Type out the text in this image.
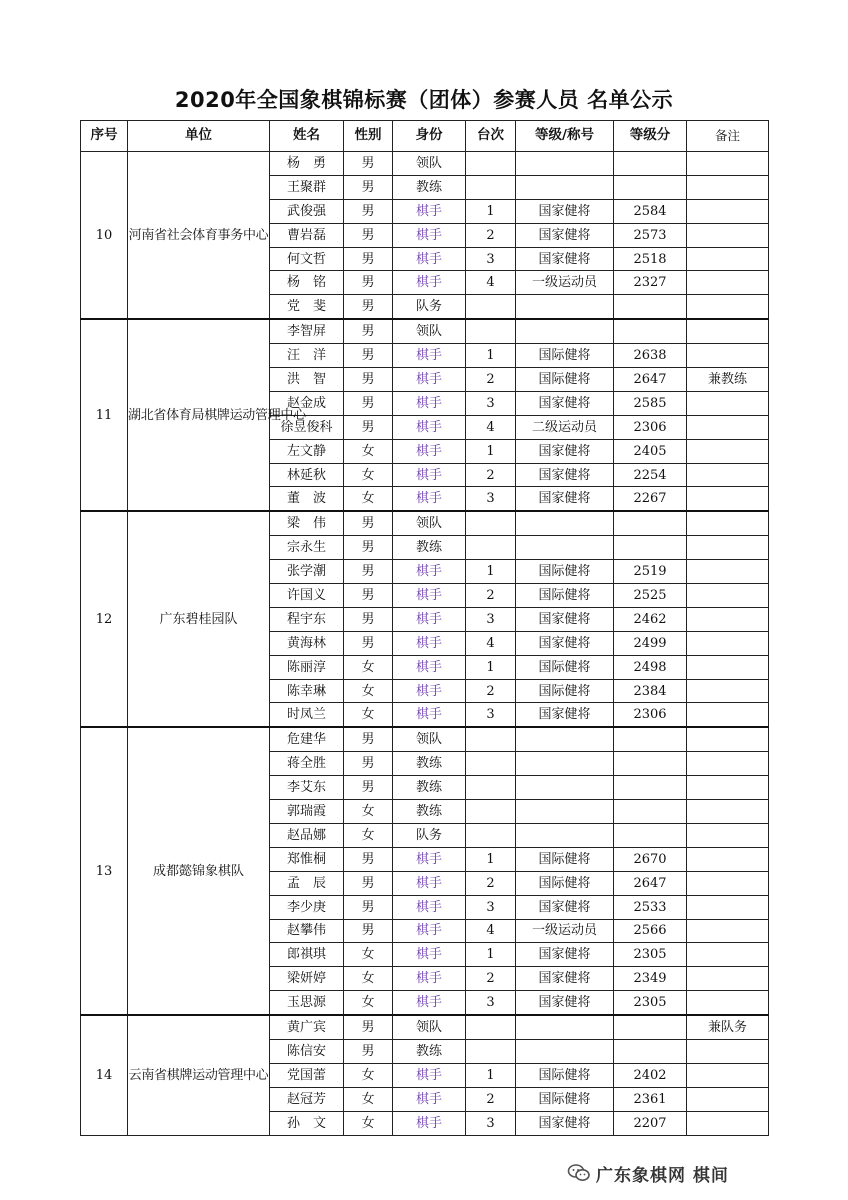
2020年全国象棋锦标赛（团体）参赛人员 名单公示
序号	单位	姓名	性别	身份	台次	等级/称号	等级分	备注
10	河南省社会体育事务中心	杨　勇	男	领队				
		王聚群	男	教练				
		武俊强	男	棋手	1	国家健将	2584	
		曹岩磊	男	棋手	2	国家健将	2573	
		何文哲	男	棋手	3	国家健将	2518	
		杨　铭	男	棋手	4	一级运动员	2327	
		党　斐	男	队务				
11	湖北省体育局棋牌运动管理中心	李智屏	男	领队				
		汪　洋	男	棋手	1	国际健将	2638	
		洪　智	男	棋手	2	国际健将	2647	兼教练
		赵金成	男	棋手	3	国家健将	2585	
		徐昱俊科	男	棋手	4	二级运动员	2306	
		左文静	女	棋手	1	国家健将	2405	
		林延秋	女	棋手	2	国家健将	2254	
		董　波	女	棋手	3	国家健将	2267	
12	广东碧桂园队	梁　伟	男	领队				
		宗永生	男	教练				
		张学潮	男	棋手	1	国际健将	2519	
		许国义	男	棋手	2	国际健将	2525	
		程宇东	男	棋手	3	国家健将	2462	
		黄海林	男	棋手	4	国家健将	2499	
		陈丽淳	女	棋手	1	国际健将	2498	
		陈幸琳	女	棋手	2	国际健将	2384	
		时凤兰	女	棋手	3	国家健将	2306	
13	成都懿锦象棋队	危建华	男	领队				
		蒋全胜	男	教练				
		李艾东	男	教练				
		郭瑞霞	女	教练				
		赵品娜	女	队务				
		郑惟桐	男	棋手	1	国际健将	2670	
		孟　辰	男	棋手	2	国际健将	2647	
		李少庚	男	棋手	3	国家健将	2533	
		赵攀伟	男	棋手	4	一级运动员	2566	
		郎祺琪	女	棋手	1	国家健将	2305	
		梁妍婷	女	棋手	2	国家健将	2349	
		玉思源	女	棋手	3	国家健将	2305	
14	云南省棋牌运动管理中心	黄广宾	男	领队				兼队务
		陈信安	男	教练				
		党国蕾	女	棋手	1	国际健将	2402	
		赵冠芳	女	棋手	2	国际健将	2361	
		孙　文	女	棋手	3	国家健将	2207	
广东象棋网 棋间
